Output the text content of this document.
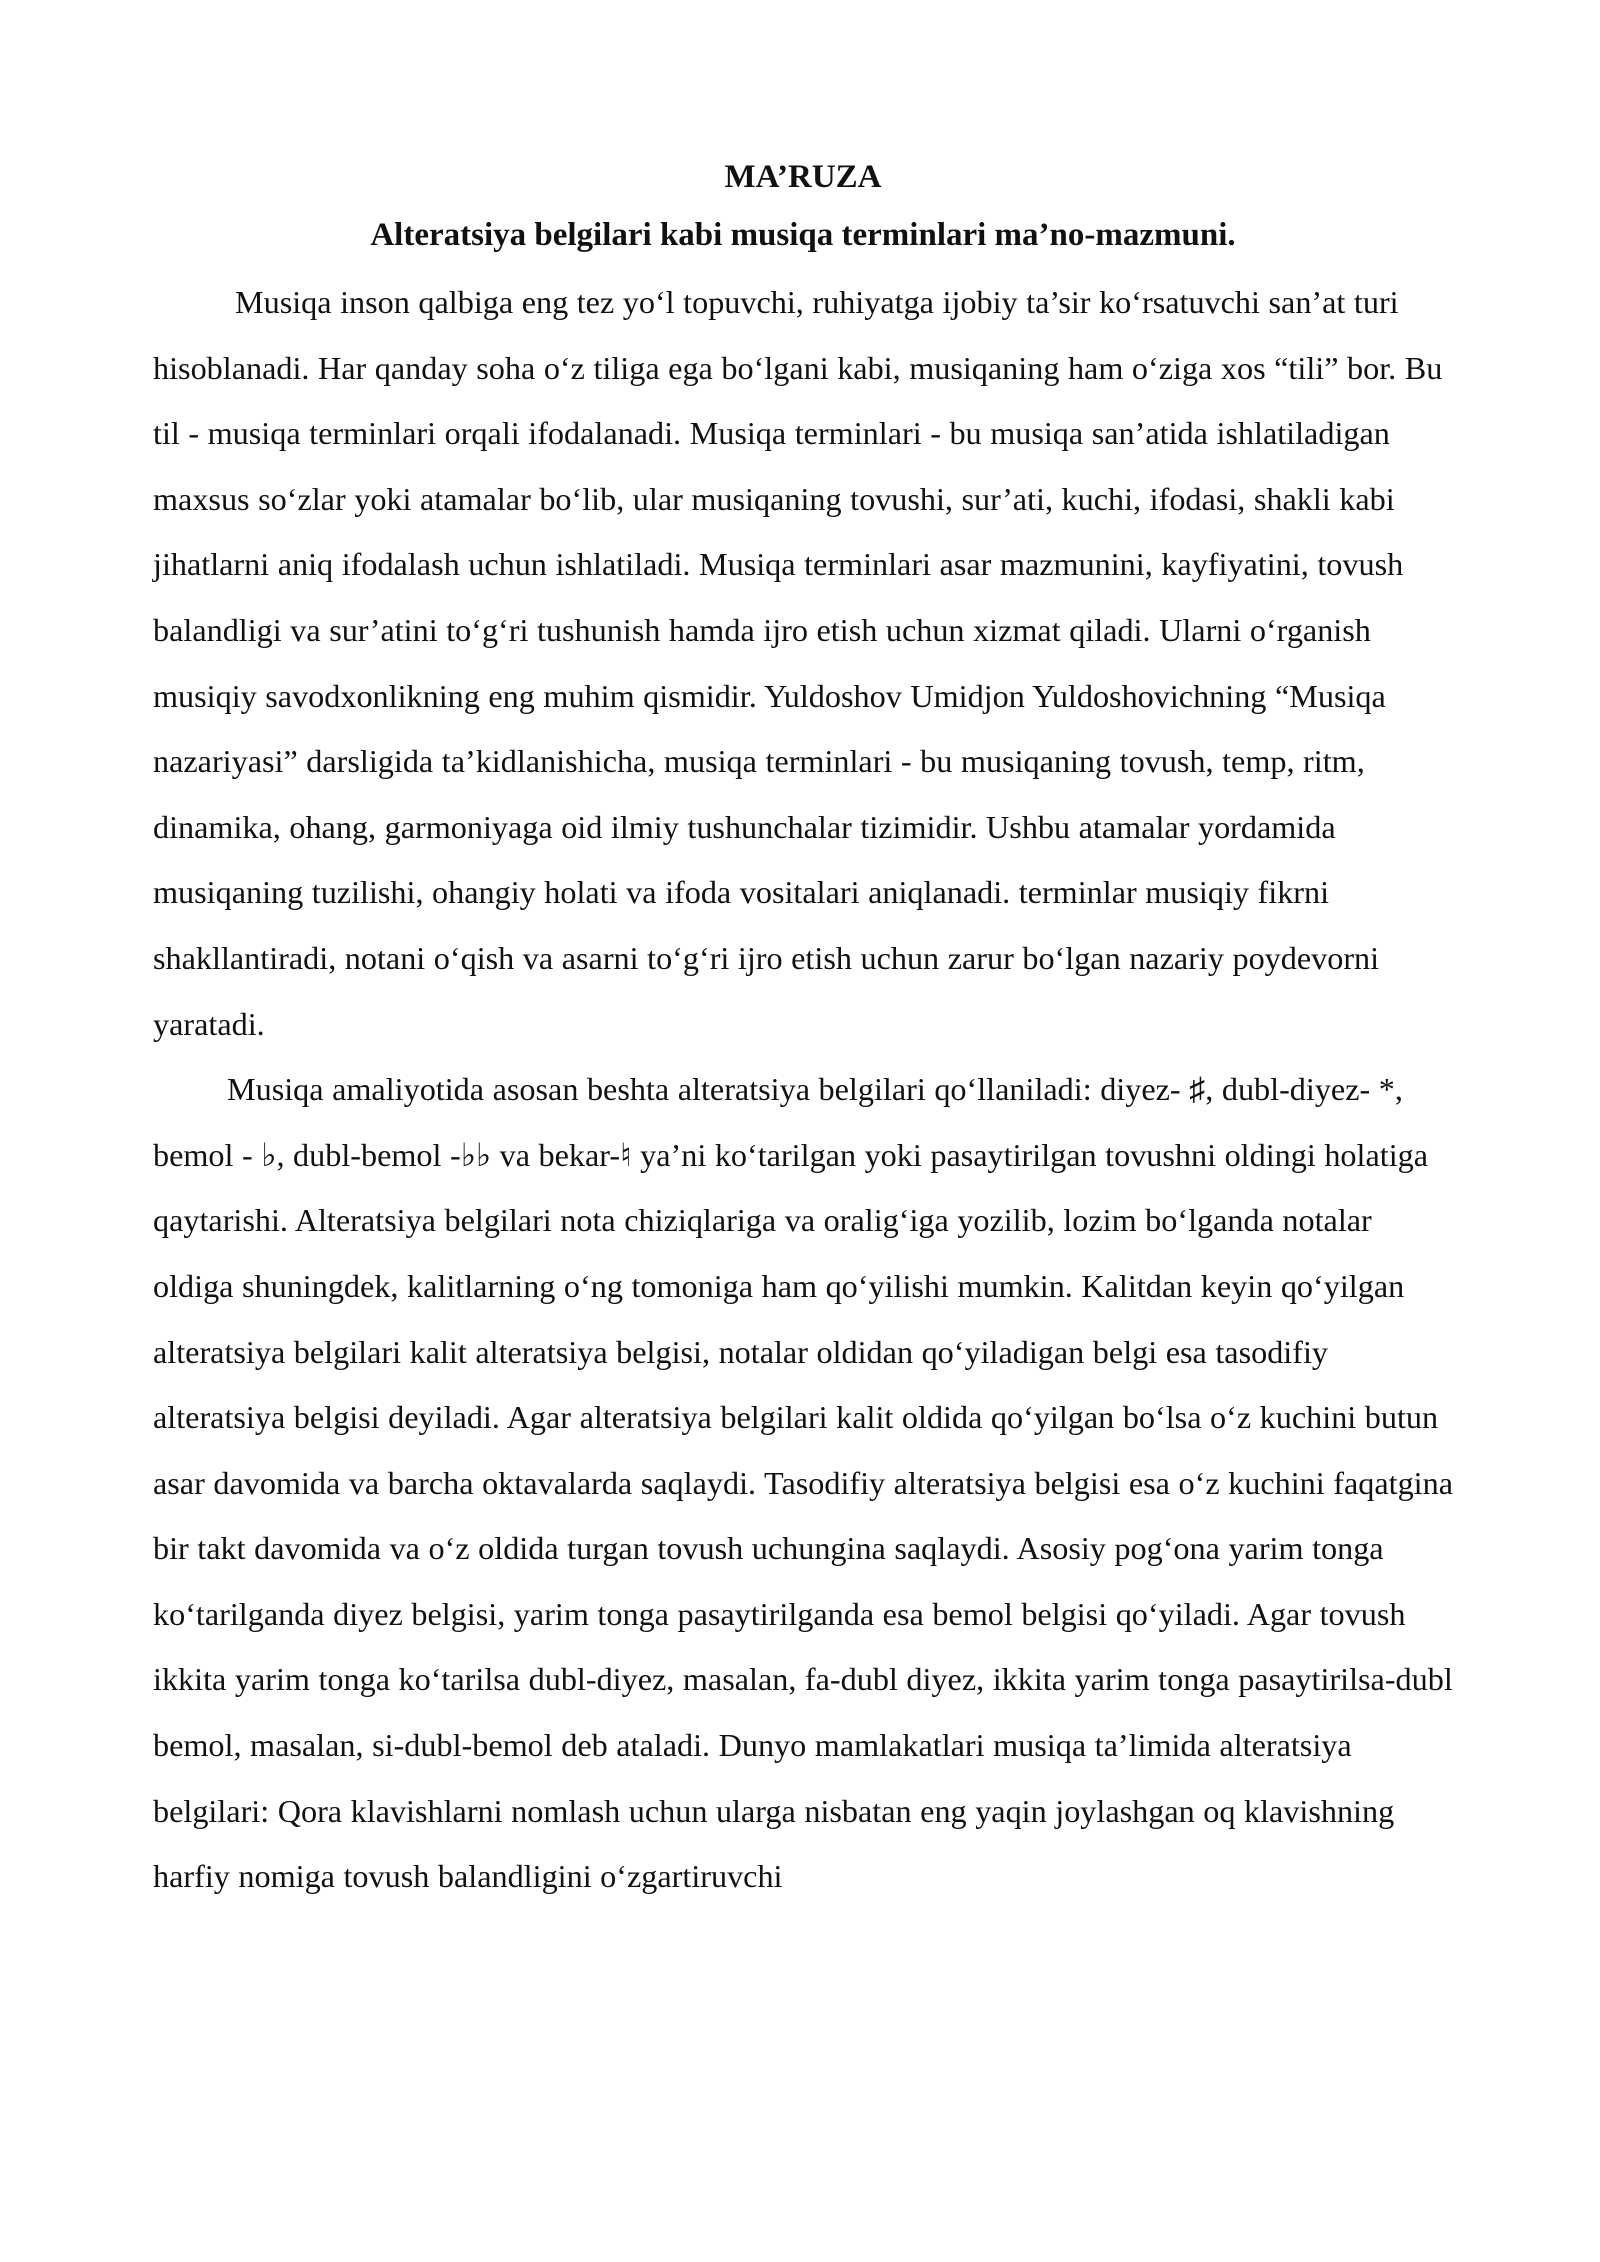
MA’RUZA
Alteratsiya belgilari kabi musiqa terminlari ma’no-mazmuni.

Musiqa inson qalbiga eng tez yoʻl topuvchi, ruhiyatga ijobiy ta’sir koʻrsatuvchi san’at turi hisoblanadi. Har qanday soha oʻz tiliga ega boʻlgani kabi, musiqaning ham oʻziga xos “tili” bor. Bu til - musiqa terminlari orqali ifodalanadi. Musiqa terminlari - bu musiqa san’atida ishlatiladigan maxsus soʻzlar yoki atamalar boʻlib, ular musiqaning tovushi, sur’ati, kuchi, ifodasi, shakli kabi jihatlarni aniq ifodalash uchun ishlatiladi. Musiqa terminlari asar mazmunini, kayfiyatini, tovush balandligi va sur’atini toʻgʻri tushunish hamda ijro etish uchun xizmat qiladi. Ularni oʻrganish musiqiy savodxonlikning eng muhim qismidir. Yuldoshov Umidjon Yuldoshovichning “Musiqa nazariyasi” darsligida ta’kidlanishicha, musiqa terminlari - bu musiqaning tovush, temp, ritm, dinamika, ohang, garmoniyaga oid ilmiy tushunchalar tizimidir. Ushbu atamalar yordamida musiqaning tuzilishi, ohangiy holati va ifoda vositalari aniqlanadi. terminlar musiqiy fikrni shakllantiradi, notani oʻqish va asarni toʻgʻri ijro etish uchun zarur boʻlgan nazariy poydevorni yaratadi.

Musiqa amaliyotida asosan beshta alteratsiya belgilari qoʻllaniladi: diyez- ♯, dubl-diyez- *, bemol - ♭, dubl-bemol -♭♭ va bekar-♮ ya’ni koʻtarilgan yoki pasaytirilgan tovushni oldingi holatiga qaytarishi. Alteratsiya belgilari nota chiziqlariga va oraligʻiga yozilib, lozim boʻlganda notalar oldiga shuningdek, kalitlarning oʻng tomoniga ham qoʻyilishi mumkin. Kalitdan keyin qoʻyilgan alteratsiya belgilari kalit alteratsiya belgisi, notalar oldidan qoʻyiladigan belgi esa tasodifiy alteratsiya belgisi deyiladi. Agar alteratsiya belgilari kalit oldida qoʻyilgan boʻlsa oʻz kuchini butun asar davomida va barcha oktavalarda saqlaydi. Tasodifiy alteratsiya belgisi esa oʻz kuchini faqatgina bir takt davomida va oʻz oldida turgan tovush uchungina saqlaydi. Asosiy pogʻona yarim tonga koʻtarilganda diyez belgisi, yarim tonga pasaytirilganda esa bemol belgisi qoʻyiladi. Agar tovush ikkita yarim tonga koʻtarilsa dubl-diyez, masalan, fa-dubl diyez, ikkita yarim tonga pasaytirilsa-dubl bemol, masalan, si-dubl-bemol deb ataladi. Dunyo mamlakatlari musiqa ta’limida alteratsiya belgilari: Qora klavishlarni nomlash uchun ularga nisbatan eng yaqin joylashgan oq klavishning harfiy nomiga tovush balandligini oʻzgartiruvchi
